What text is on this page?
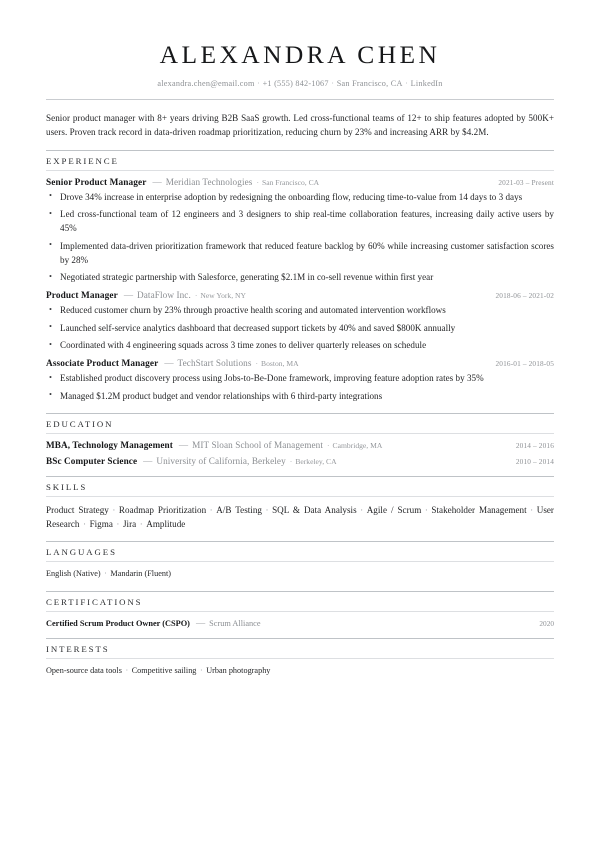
ALEXANDRA CHEN
alexandra.chen@email.com · +1 (555) 842-1067 · San Francisco, CA · LinkedIn

Senior product manager with 8+ years driving B2B SaaS growth. Led cross-functional teams of 12+ to ship features adopted by 500K+ users. Proven track record in data-driven roadmap prioritization, reducing churn by 23% and increasing ARR by $4.2M.

EXPERIENCE
Senior Product Manager — Meridian Technologies	· San Francisco, CA	2021-03 – Present
• Drove 34% increase in enterprise adoption by redesigning the onboarding flow, reducing time-to-value from 14 days to 3 days
• Led cross-functional team of 12 engineers and 3 designers to ship real-time collaboration features, increasing daily active users by 45%
• Implemented data-driven prioritization framework that reduced feature backlog by 60% while increasing customer satisfaction scores by 28%
• Negotiated strategic partnership with Salesforce, generating $2.1M in co-sell revenue within first year
Product Manager — DataFlow Inc.	· New York, NY	2018-06 – 2021-02
• Reduced customer churn by 23% through proactive health scoring and automated intervention workflows
• Launched self-service analytics dashboard that decreased support tickets by 40% and saved $800K annually
• Coordinated with 4 engineering squads across 3 time zones to deliver quarterly releases on schedule
Associate Product Manager — TechStart Solutions	· Boston, MA	2016-01 – 2018-05
• Established product discovery process using Jobs-to-Be-Done framework, improving feature adoption rates by 35%
• Managed $1.2M product budget and vendor relationships with 6 third-party integrations
EDUCATION
MBA, Technology Management — MIT Sloan School of Management	· Cambridge, MA	2014 – 2016
BSc Computer Science — University of California, Berkeley	· Berkeley, CA	2010 – 2014
SKILLS
Product Strategy · Roadmap Prioritization · A/B Testing · SQL & Data Analysis · Agile / Scrum · Stakeholder Management · User Research · Figma · Jira · Amplitude
LANGUAGES
English (Native) · Mandarin (Fluent)
CERTIFICATIONS
Certified Scrum Product Owner (CSPO) — Scrum Alliance	2020
INTERESTS
Open-source data tools · Competitive sailing · Urban photography
